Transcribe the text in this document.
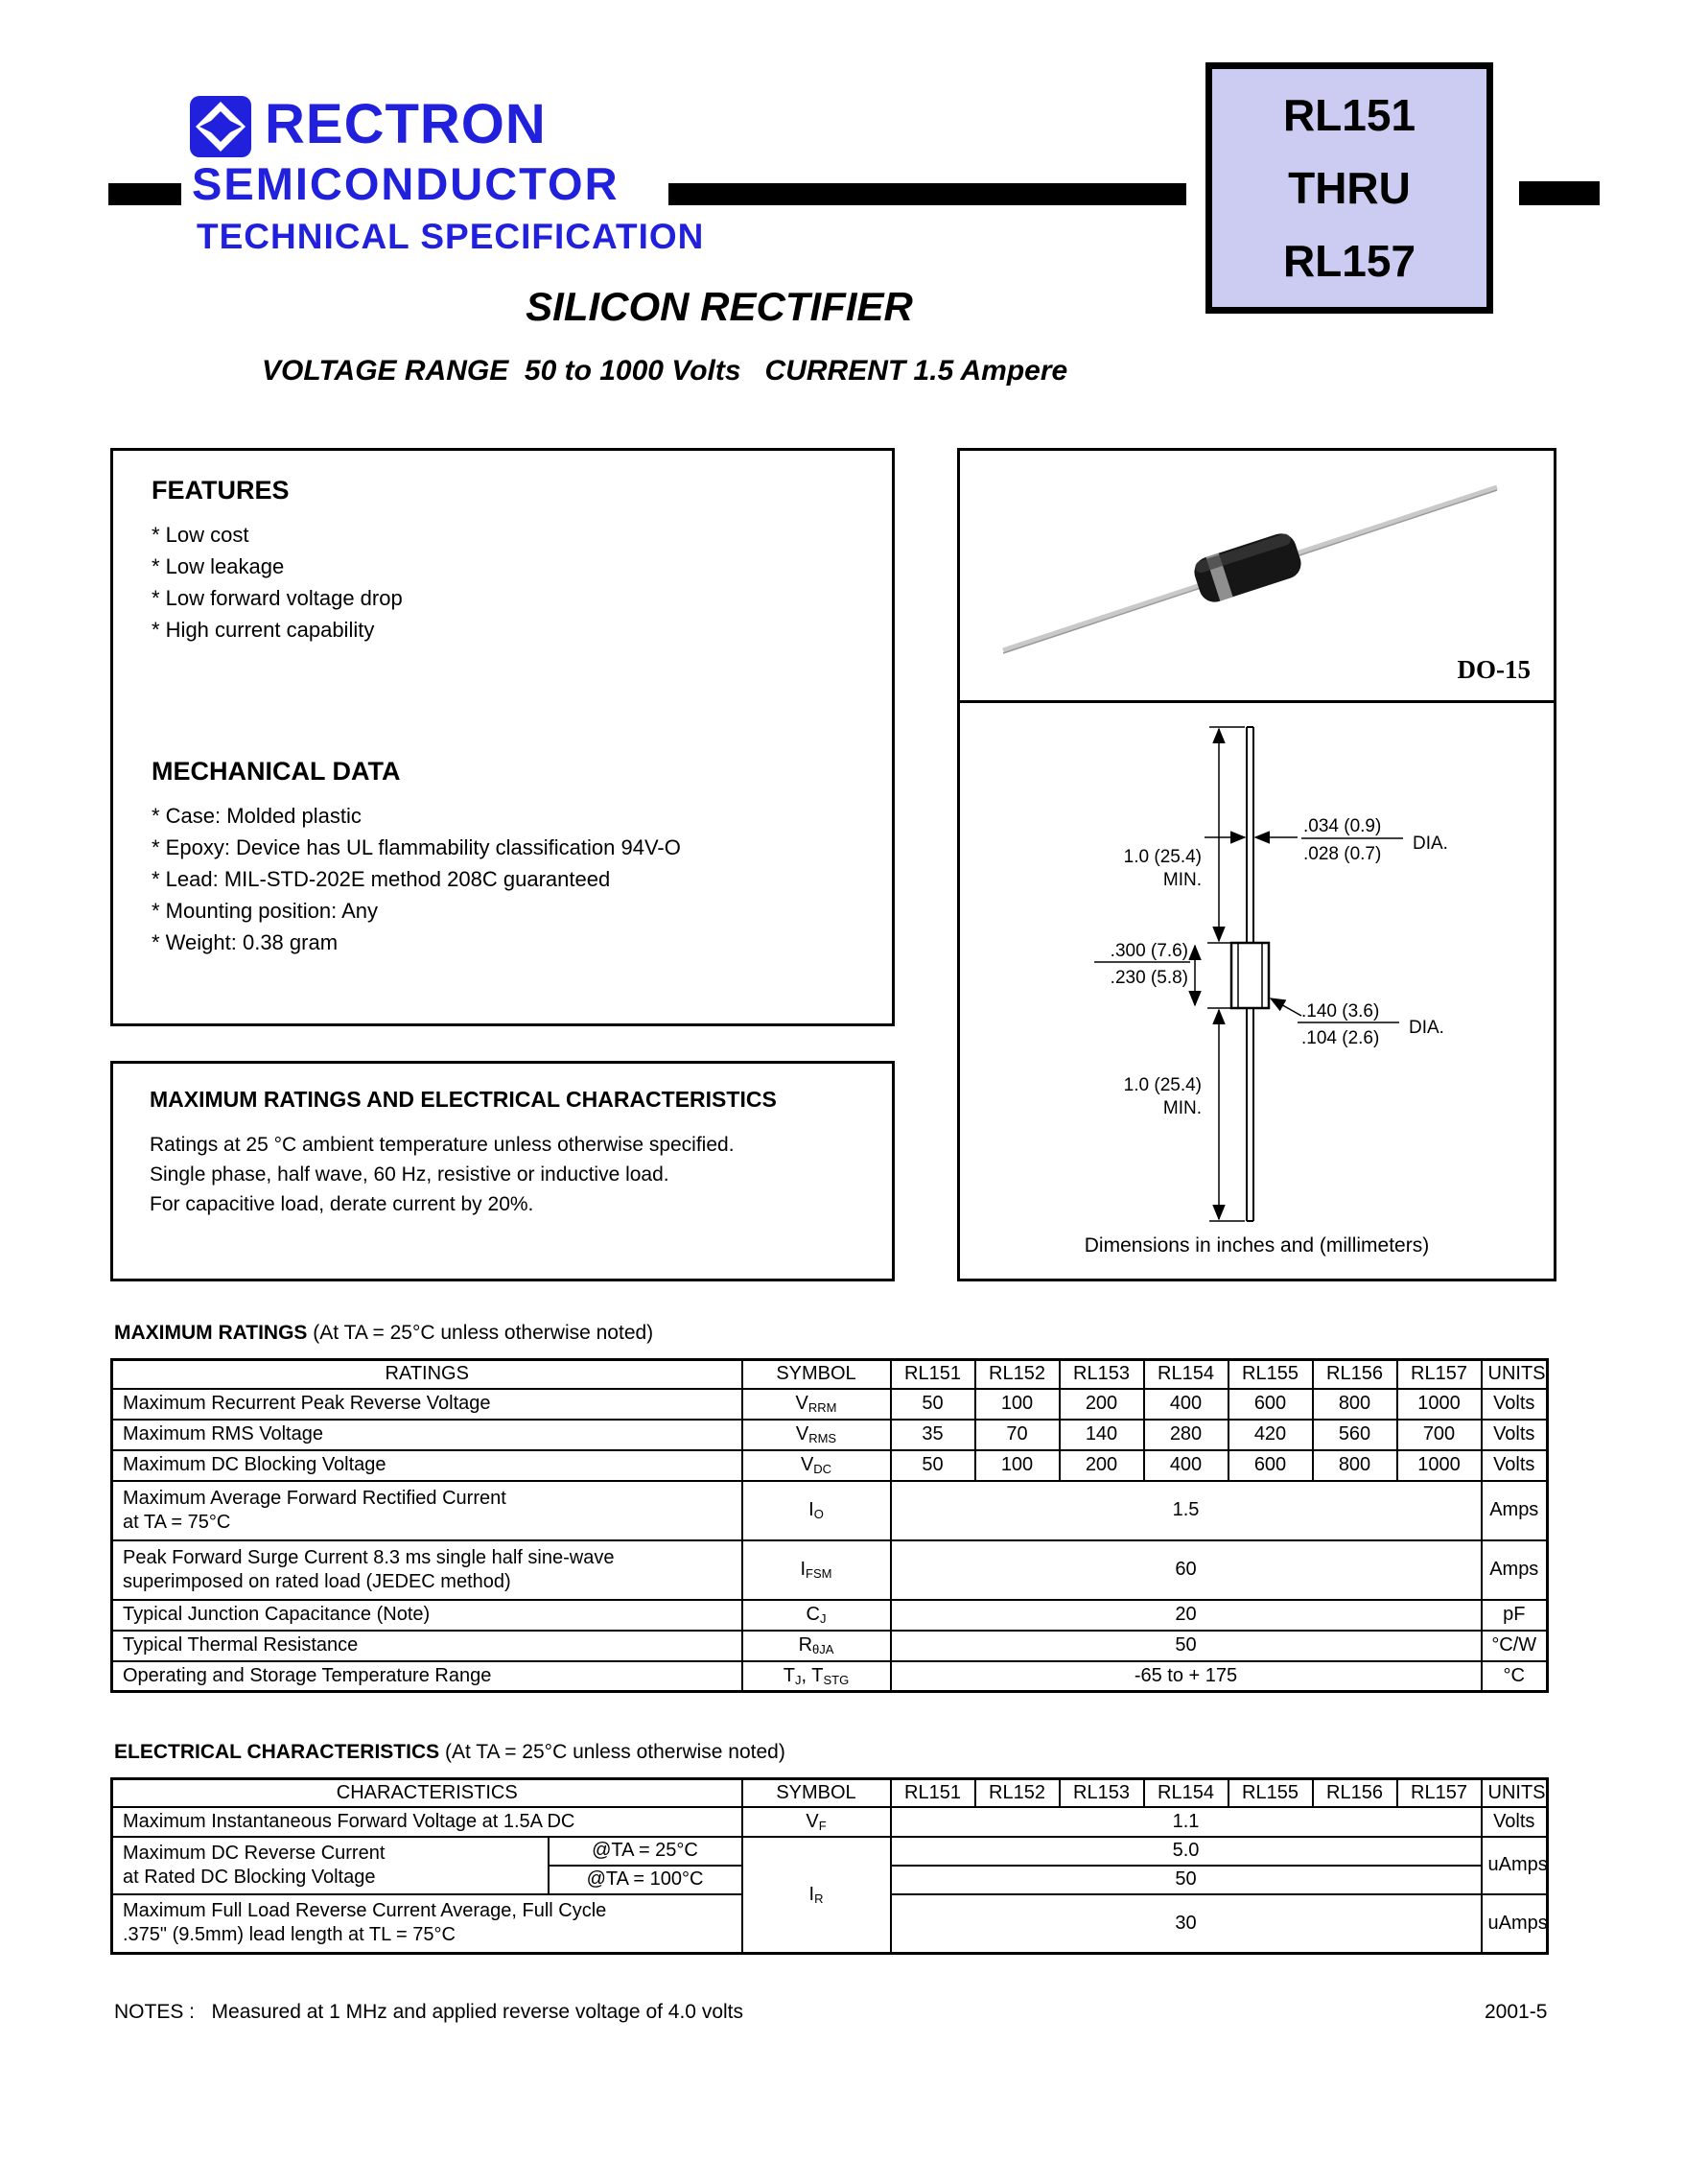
RECTRON
SEMICONDUCTOR
TECHNICAL SPECIFICATION
RL151
THRU
RL157
SILICON RECTIFIER
VOLTAGE RANGE  50 to 1000 Volts   CURRENT 1.5 Ampere
FEATURES
* Low cost
* Low leakage
* Low forward voltage drop
* High current capability
MECHANICAL DATA
* Case: Molded plastic
* Epoxy: Device has UL flammability classification 94V-O
* Lead: MIL-STD-202E method 208C guaranteed
* Mounting position: Any
* Weight: 0.38 gram
MAXIMUM RATINGS AND ELECTRICAL CHARACTERISTICS
Ratings at 25 °C ambient temperature unless otherwise specified.
Single phase, half wave, 60 Hz, resistive or inductive load.
For capacitive load, derate current by 20%.
DO-15
.034 (0.9)
.028 (0.7)
DIA.
1.0 (25.4)
MIN.
.300 (7.6)
.230 (5.8)
.140 (3.6)
.104 (2.6)
DIA.
1.0 (25.4)
MIN.
Dimensions in inches and (millimeters)
MAXIMUM RATINGS (At TA = 25°C unless otherwise noted)
RATINGS	SYMBOL	RL151	RL152	RL153	RL154	RL155	RL156	RL157	UNITS
Maximum Recurrent Peak Reverse Voltage	$V_{RRM}$	50	100	200	400	600	800	1000	Volts
Maximum RMS Voltage	$V_{RMS}$	35	70	140	280	420	560	700	Volts
Maximum DC Blocking Voltage	$V_{DC}$	50	100	200	400	600	800	1000	Volts

Maximum Average Forward Rectified Current
at TA = 75°C	$I_O$	1.5							Amps

Peak Forward Surge Current 8.3 ms single half sine-wave
superimposed on rated load (JEDEC method)	$I_{FSM}$	60							Amps
Typical Junction Capacitance (Note)	$C_J$	20							pF
Typical Thermal Resistance	$R_{\theta JA}$	50							°C/W
Operating and Storage Temperature Range	$T_J$, $T_{STG}$	-65 to + 175							°C
ELECTRICAL CHARACTERISTICS (At TA = 25°C unless otherwise noted)
CHARACTERISTICS		SYMBOL	RL151	RL152	RL153	RL154	RL155	RL156	RL157	UNITS
Maximum Instantaneous Forward Voltage at 1.5A DC		$V_F$	1.1							Volts

Maximum DC Reverse Current
at Rated DC Blocking Voltage	@TA = 25°C	$I_R$	5.0							uAmps
	@TA = 100°C		50							

Maximum Full Load Reverse Current Average, Full Cycle
.375" (9.5mm) lead length at TL = 75°C			30							uAmps
NOTES : Measured at 1 MHz and applied reverse voltage of 4.0 volts	2001-5
